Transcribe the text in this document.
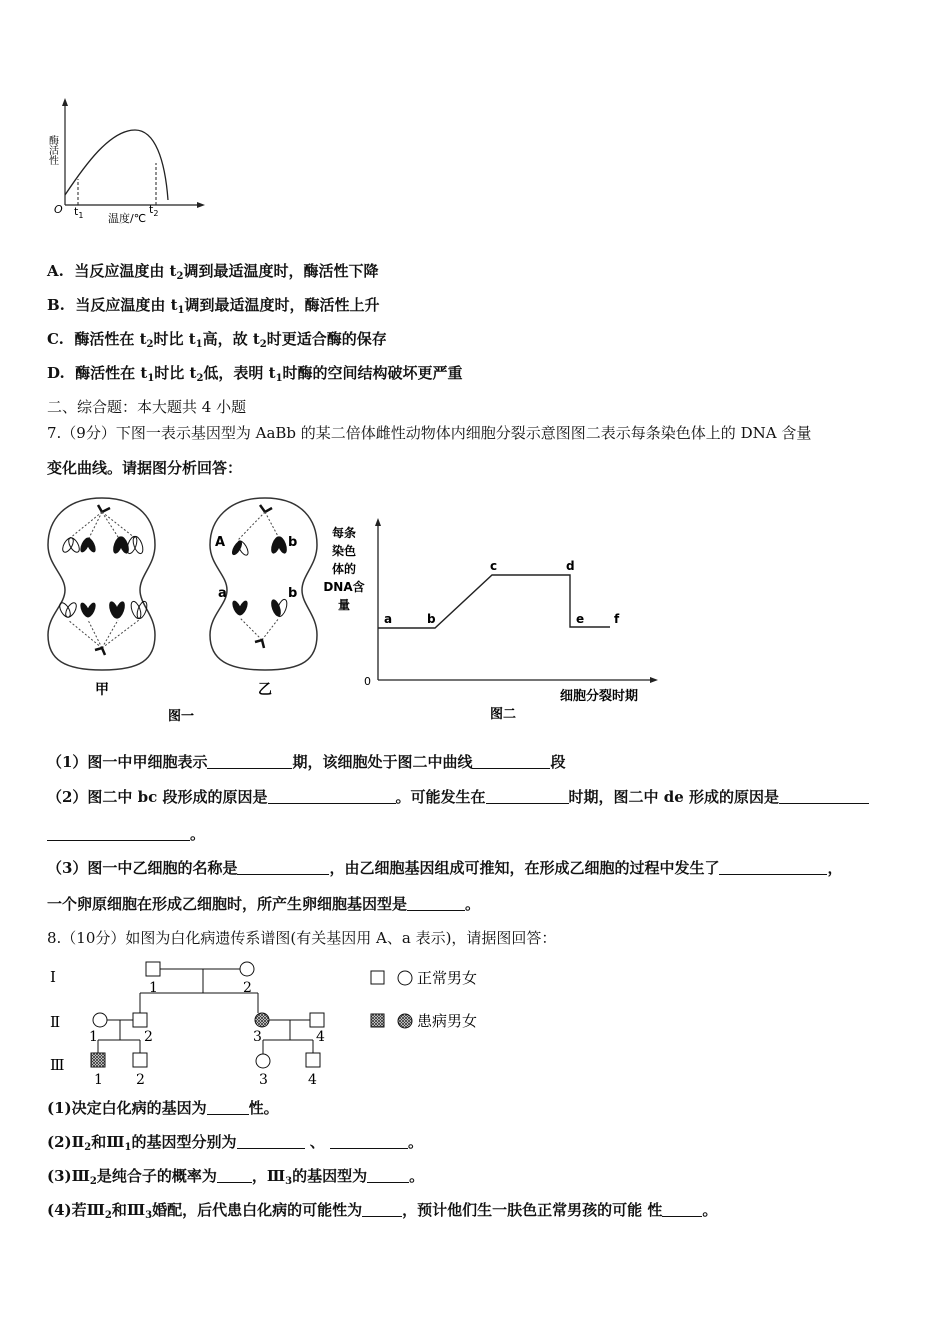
酶活性
O $t_1$	$t_2$
温度/℃
A. 当反应温度由 $t_2$调到最适温度时，酶活性下降
B. 当反应温度由 $t_1$调到最适温度时，酶活性上升
C. 酶活性在 $t_2$时比 $t_1$高，故 $t_2$时更适合酶的保存
D. 酶活性在 $t_1$时比 $t_2$低，表明 $t_1$时酶的空间结构破坏更严重
二、综合题：本大题共 4 小题
7.（9分）下图一表示基因型为 AaBb 的某二倍体雌性动物体内细胞分裂示意图图二表示每条染色体上的 DNA 含量
变化曲线。请据图分析回答：
甲
A	b
a	b
乙
图一
每条
染色
体的
DNA含
量
a	b
c	d
e f
0
细胞分裂时期
图二
（1）图一中甲细胞表示	期，该细胞处于图二中曲线	段
（2）图二中 bc 段形成的原因是	。可能发生在	时期，图二中 de 形成的原因是
。
（3）图一中乙细胞的名称是	，由乙细胞基因组成可推知，在形成乙细胞的过程中发生了	，
一个卵原细胞在形成乙细胞时，所产生卵细胞基因型是	。
8.（10分）如图为白化病遗传系谱图(有关基因用 A、a 表示)，请据图回答：
Ⅰ
Ⅱ
Ⅲ
1	2
1	2	3	4
1 2	3	4
正常男女
患病男女
(1)决定白化病的基因为	性。
$(2)Ⅱ_2$和$Ⅲ_1$的基因型分别为	、	。
$(3)Ⅲ_2$是纯合子的概率为 ，$Ⅲ_3$的基因型为	。
(4)若$Ⅲ_2$和$Ⅲ_3$婚配，后代患白化病的可能性为	，预计他们生一肤色正常男孩的可能 性	。
